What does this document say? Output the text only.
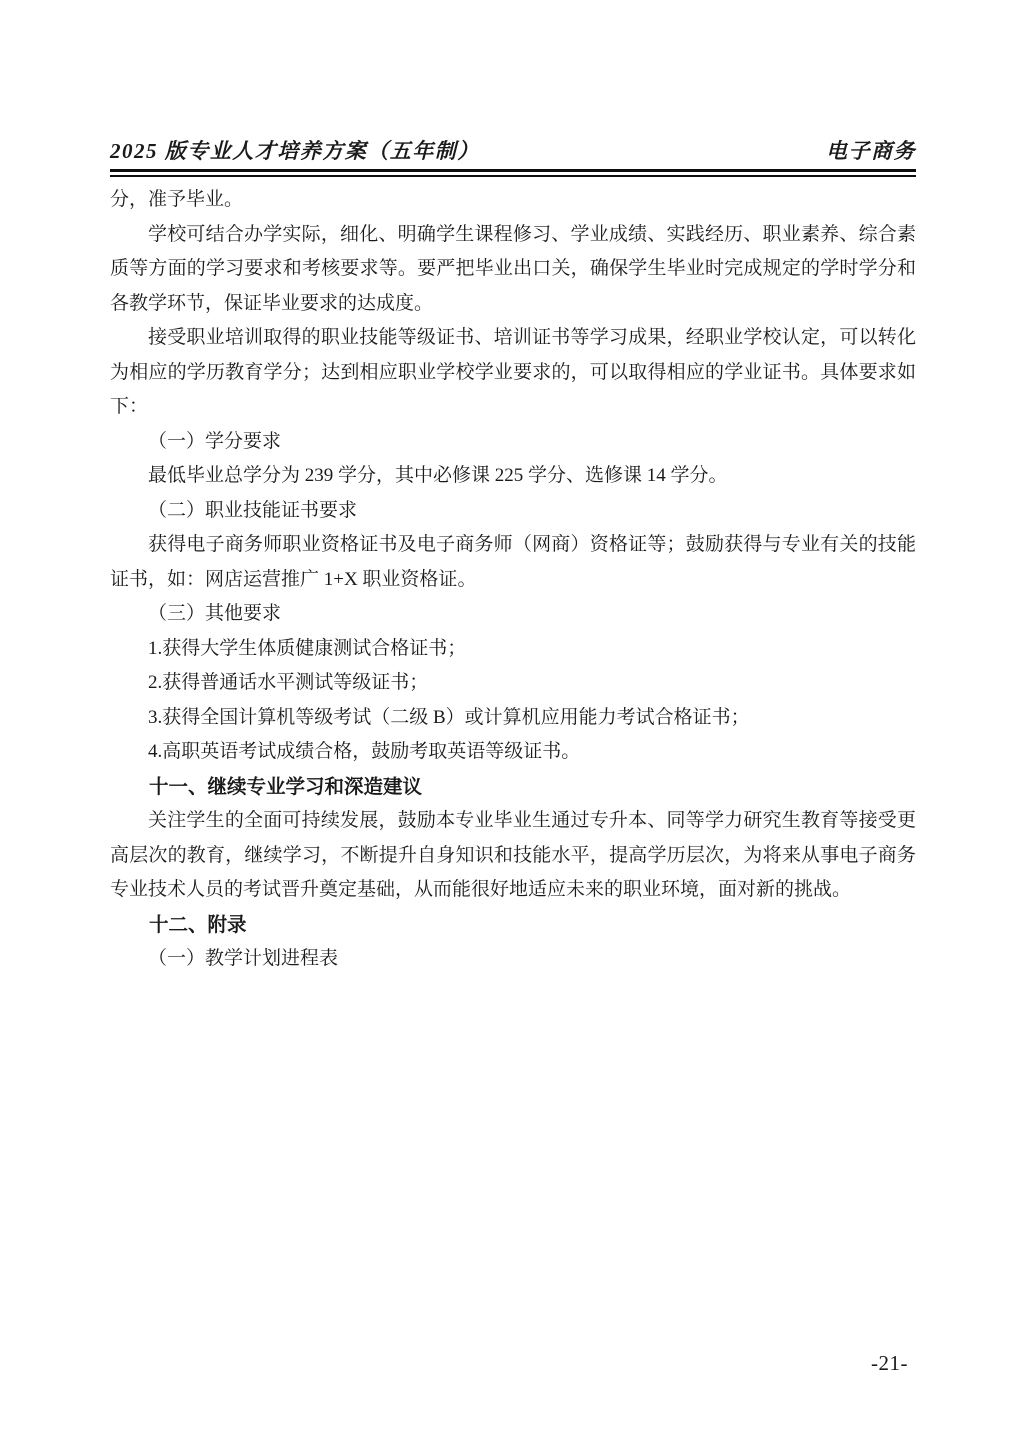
2025 版专业人才培养方案（五年制）	电子商务

分，准予毕业。

学校可结合办学实际，细化、明确学生课程修习、学业成绩、实践经历、职业素养、综合素质等方面的学习要求和考核要求等。要严把毕业出口关，确保学生毕业时完成规定的学时学分和各教学环节，保证毕业要求的达成度。

接受职业培训取得的职业技能等级证书、培训证书等学习成果，经职业学校认定，可以转化为相应的学历教育学分；达到相应职业学校学业要求的，可以取得相应的学业证书。具体要求如下：

（一）学分要求

最低毕业总学分为 239 学分，其中必修课 225 学分、选修课 14 学分。

（二）职业技能证书要求

获得电子商务师职业资格证书及电子商务师（网商）资格证等；鼓励获得与专业有关的技能证书，如：网店运营推广 1+X 职业资格证。

（三）其他要求

1.获得大学生体质健康测试合格证书；

2.获得普通话水平测试等级证书；

3.获得全国计算机等级考试（二级 B）或计算机应用能力考试合格证书；

4.高职英语考试成绩合格，鼓励考取英语等级证书。

十一、继续专业学习和深造建议

关注学生的全面可持续发展，鼓励本专业毕业生通过专升本、同等学力研究生教育等接受更高层次的教育，继续学习，不断提升自身知识和技能水平，提高学历层次，为将来从事电子商务专业技术人员的考试晋升奠定基础，从而能很好地适应未来的职业环境，面对新的挑战。

十二、附录

（一）教学计划进程表

-21-
